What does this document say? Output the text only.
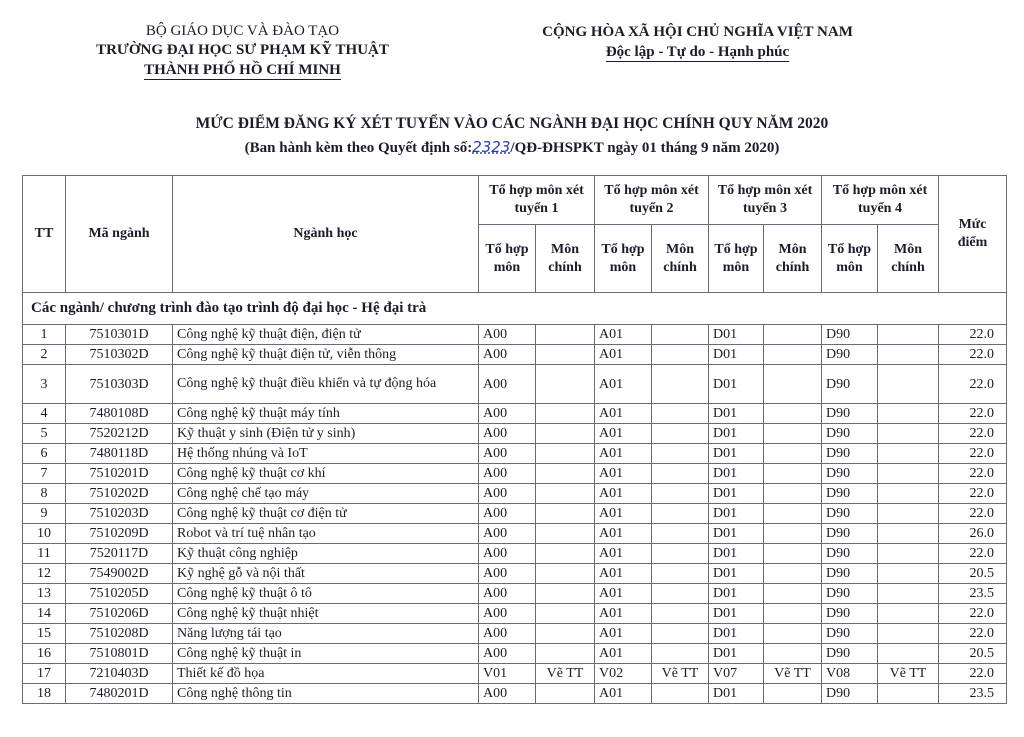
BỘ GIÁO DỤC VÀ ĐÀO TẠO
TRƯỜNG ĐẠI HỌC SƯ PHẠM KỸ THUẬT
THÀNH PHỐ HỒ CHÍ MINH
CỘNG HÒA XÃ HỘI CHỦ NGHĨA VIỆT NAM
Độc lập - Tự do - Hạnh phúc
MỨC ĐIỂM ĐĂNG KÝ XÉT TUYỂN VÀO CÁC NGÀNH ĐẠI HỌC CHÍNH QUY NĂM 2020
(Ban hành kèm theo Quyết định số:2323/QĐ-ĐHSPKT ngày 01 tháng 9 năm 2020)
TT	Mã ngành	Ngành học	Tổ hợp môn xét tuyển 1		Tổ hợp môn xét tuyển 2		Tổ hợp môn xét tuyển 3		Tổ hợp môn xét tuyển 4		Mức điểm
			Tổ hợp môn	Môn chính	Tổ hợp môn	Môn chính	Tổ hợp môn	Môn chính	Tổ hợp môn	Môn chính	
Các ngành/ chương trình đào tạo trình độ đại học - Hệ đại trà											
1	7510301D	Công nghệ kỹ thuật điện, điện tử	A00		A01		D01		D90		22.0
2	7510302D	Công nghệ kỹ thuật điện tử, viễn thông	A00		A01		D01		D90		22.0
3	7510303D	Công nghệ kỹ thuật điều khiển và tự động hóa	A00		A01		D01		D90		22.0
4	7480108D	Công nghệ kỹ thuật máy tính	A00		A01		D01		D90		22.0
5	7520212D	Kỹ thuật y sinh (Điện tử y sinh)	A00		A01		D01		D90		22.0
6	7480118D	Hệ thống nhúng và IoT	A00		A01		D01		D90		22.0
7	7510201D	Công nghệ kỹ thuật cơ khí	A00		A01		D01		D90		22.0
8	7510202D	Công nghệ chế tạo máy	A00		A01		D01		D90		22.0
9	7510203D	Công nghệ kỹ thuật cơ điện tử	A00		A01		D01		D90		22.0
10	7510209D	Robot và trí tuệ nhân tạo	A00		A01		D01		D90		26.0
11	7520117D	Kỹ thuật công nghiệp	A00		A01		D01		D90		22.0
12	7549002D	Kỹ nghệ gỗ và nội thất	A00		A01		D01		D90		20.5
13	7510205D	Công nghệ kỹ thuật ô tô	A00		A01		D01		D90		23.5
14	7510206D	Công nghệ kỹ thuật nhiệt	A00		A01		D01		D90		22.0
15	7510208D	Năng lượng tái tạo	A00		A01		D01		D90		22.0
16	7510801D	Công nghệ kỹ thuật in	A00		A01		D01		D90		20.5
17	7210403D	Thiết kế đồ họa	V01	Vẽ TT	V02	Vẽ TT	V07	Vẽ TT	V08	Vẽ TT	22.0
18	7480201D	Công nghệ thông tin	A00		A01		D01		D90		23.5
